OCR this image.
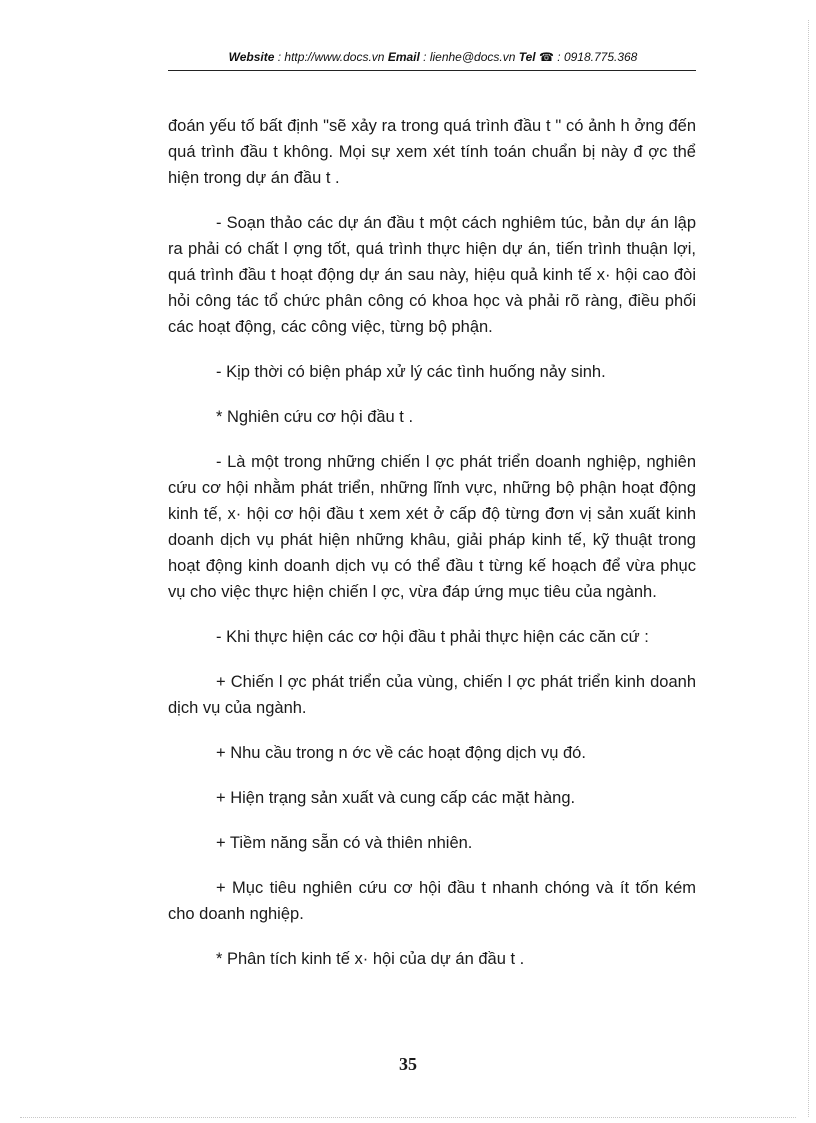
Website : http://www.docs.vn Email : lienhe@docs.vn Tel ☎ : 0918.775.368

đoán yếu tố bất định "sẽ xảy ra trong quá trình đầu t " có ảnh h ởng đến quá trình đầu t không. Mọi sự xem xét tính toán chuẩn bị này đ ợc thể hiện trong dự án đầu t .

- Soạn thảo các dự án đầu t một cách nghiêm túc, bản dự án lập ra phải có chất l ợng tốt, quá trình thực hiện dự án, tiến trình thuận lợi, quá trình đầu t hoạt động dự án sau này, hiệu quả kinh tế x· hội cao đòi hỏi công tác tổ chức phân công có khoa học và phải rõ ràng, điều phối các hoạt động, các công việc, từng bộ phận.

- Kịp thời có biện pháp xử lý các tình huống nảy sinh.

* Nghiên cứu cơ hội đầu t .

- Là một trong những chiến l ợc phát triển doanh nghiệp, nghiên cứu cơ hội nhằm phát triển, những lĩnh vực, những bộ phận hoạt động kinh tế, x· hội cơ hội đầu t xem xét ở cấp độ từng đơn vị sản xuất kinh doanh dịch vụ phát hiện những khâu, giải pháp kinh tế, kỹ thuật trong hoạt động kinh doanh dịch vụ có thể đầu t từng kế hoạch để vừa phục vụ cho việc thực hiện chiến l ợc, vừa đáp ứng mục tiêu của ngành.

- Khi thực hiện các cơ hội đầu t phải thực hiện các căn cứ :

+ Chiến l ợc phát triển của vùng, chiến l ợc phát triển kinh doanh dịch vụ của ngành.

+ Nhu cầu trong n ớc về các hoạt động dịch vụ đó.

+ Hiện trạng sản xuất và cung cấp các mặt hàng.

+ Tiềm năng sẵn có và thiên nhiên.

+ Mục tiêu nghiên cứu cơ hội đầu t nhanh chóng và ít tốn kém cho doanh nghiệp.

* Phân tích kinh tế x· hội của dự án đầu t .

35
